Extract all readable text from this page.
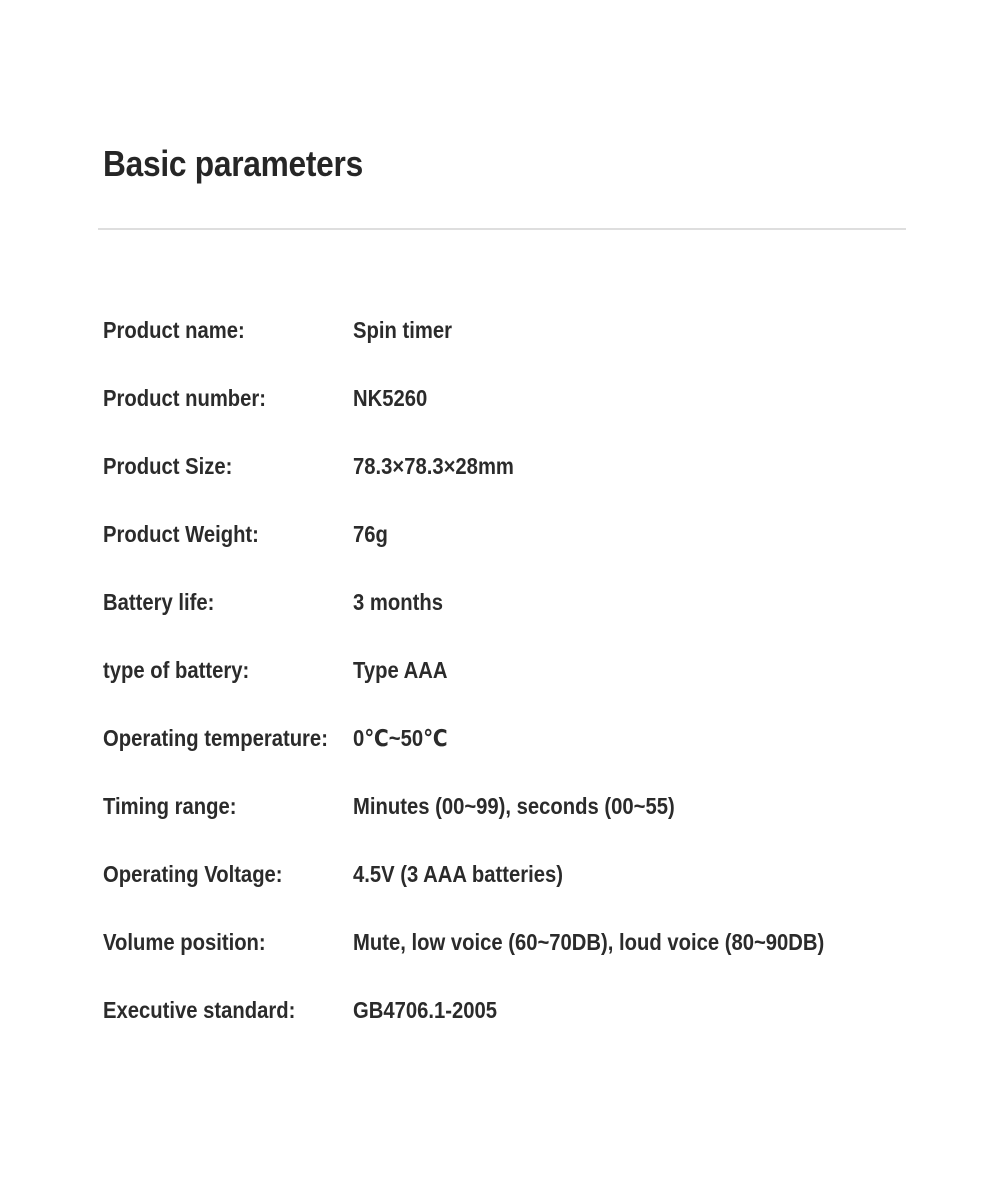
Basic parameters
Product name:	Spin timer
Product number:	NK5260
Product Size:	78.3×78.3×28mm
Product Weight:	76g
Battery life:	3 months
type of battery:	Type AAA
Operating temperature: 0℃~50℃
Timing range:	Minutes (00~99), seconds (00~55)
Operating Voltage:	4.5V (3 AAA batteries)
Volume position:	Mute, low voice (60~70DB), loud voice (80~90DB)
Executive standard:	GB4706.1-2005
